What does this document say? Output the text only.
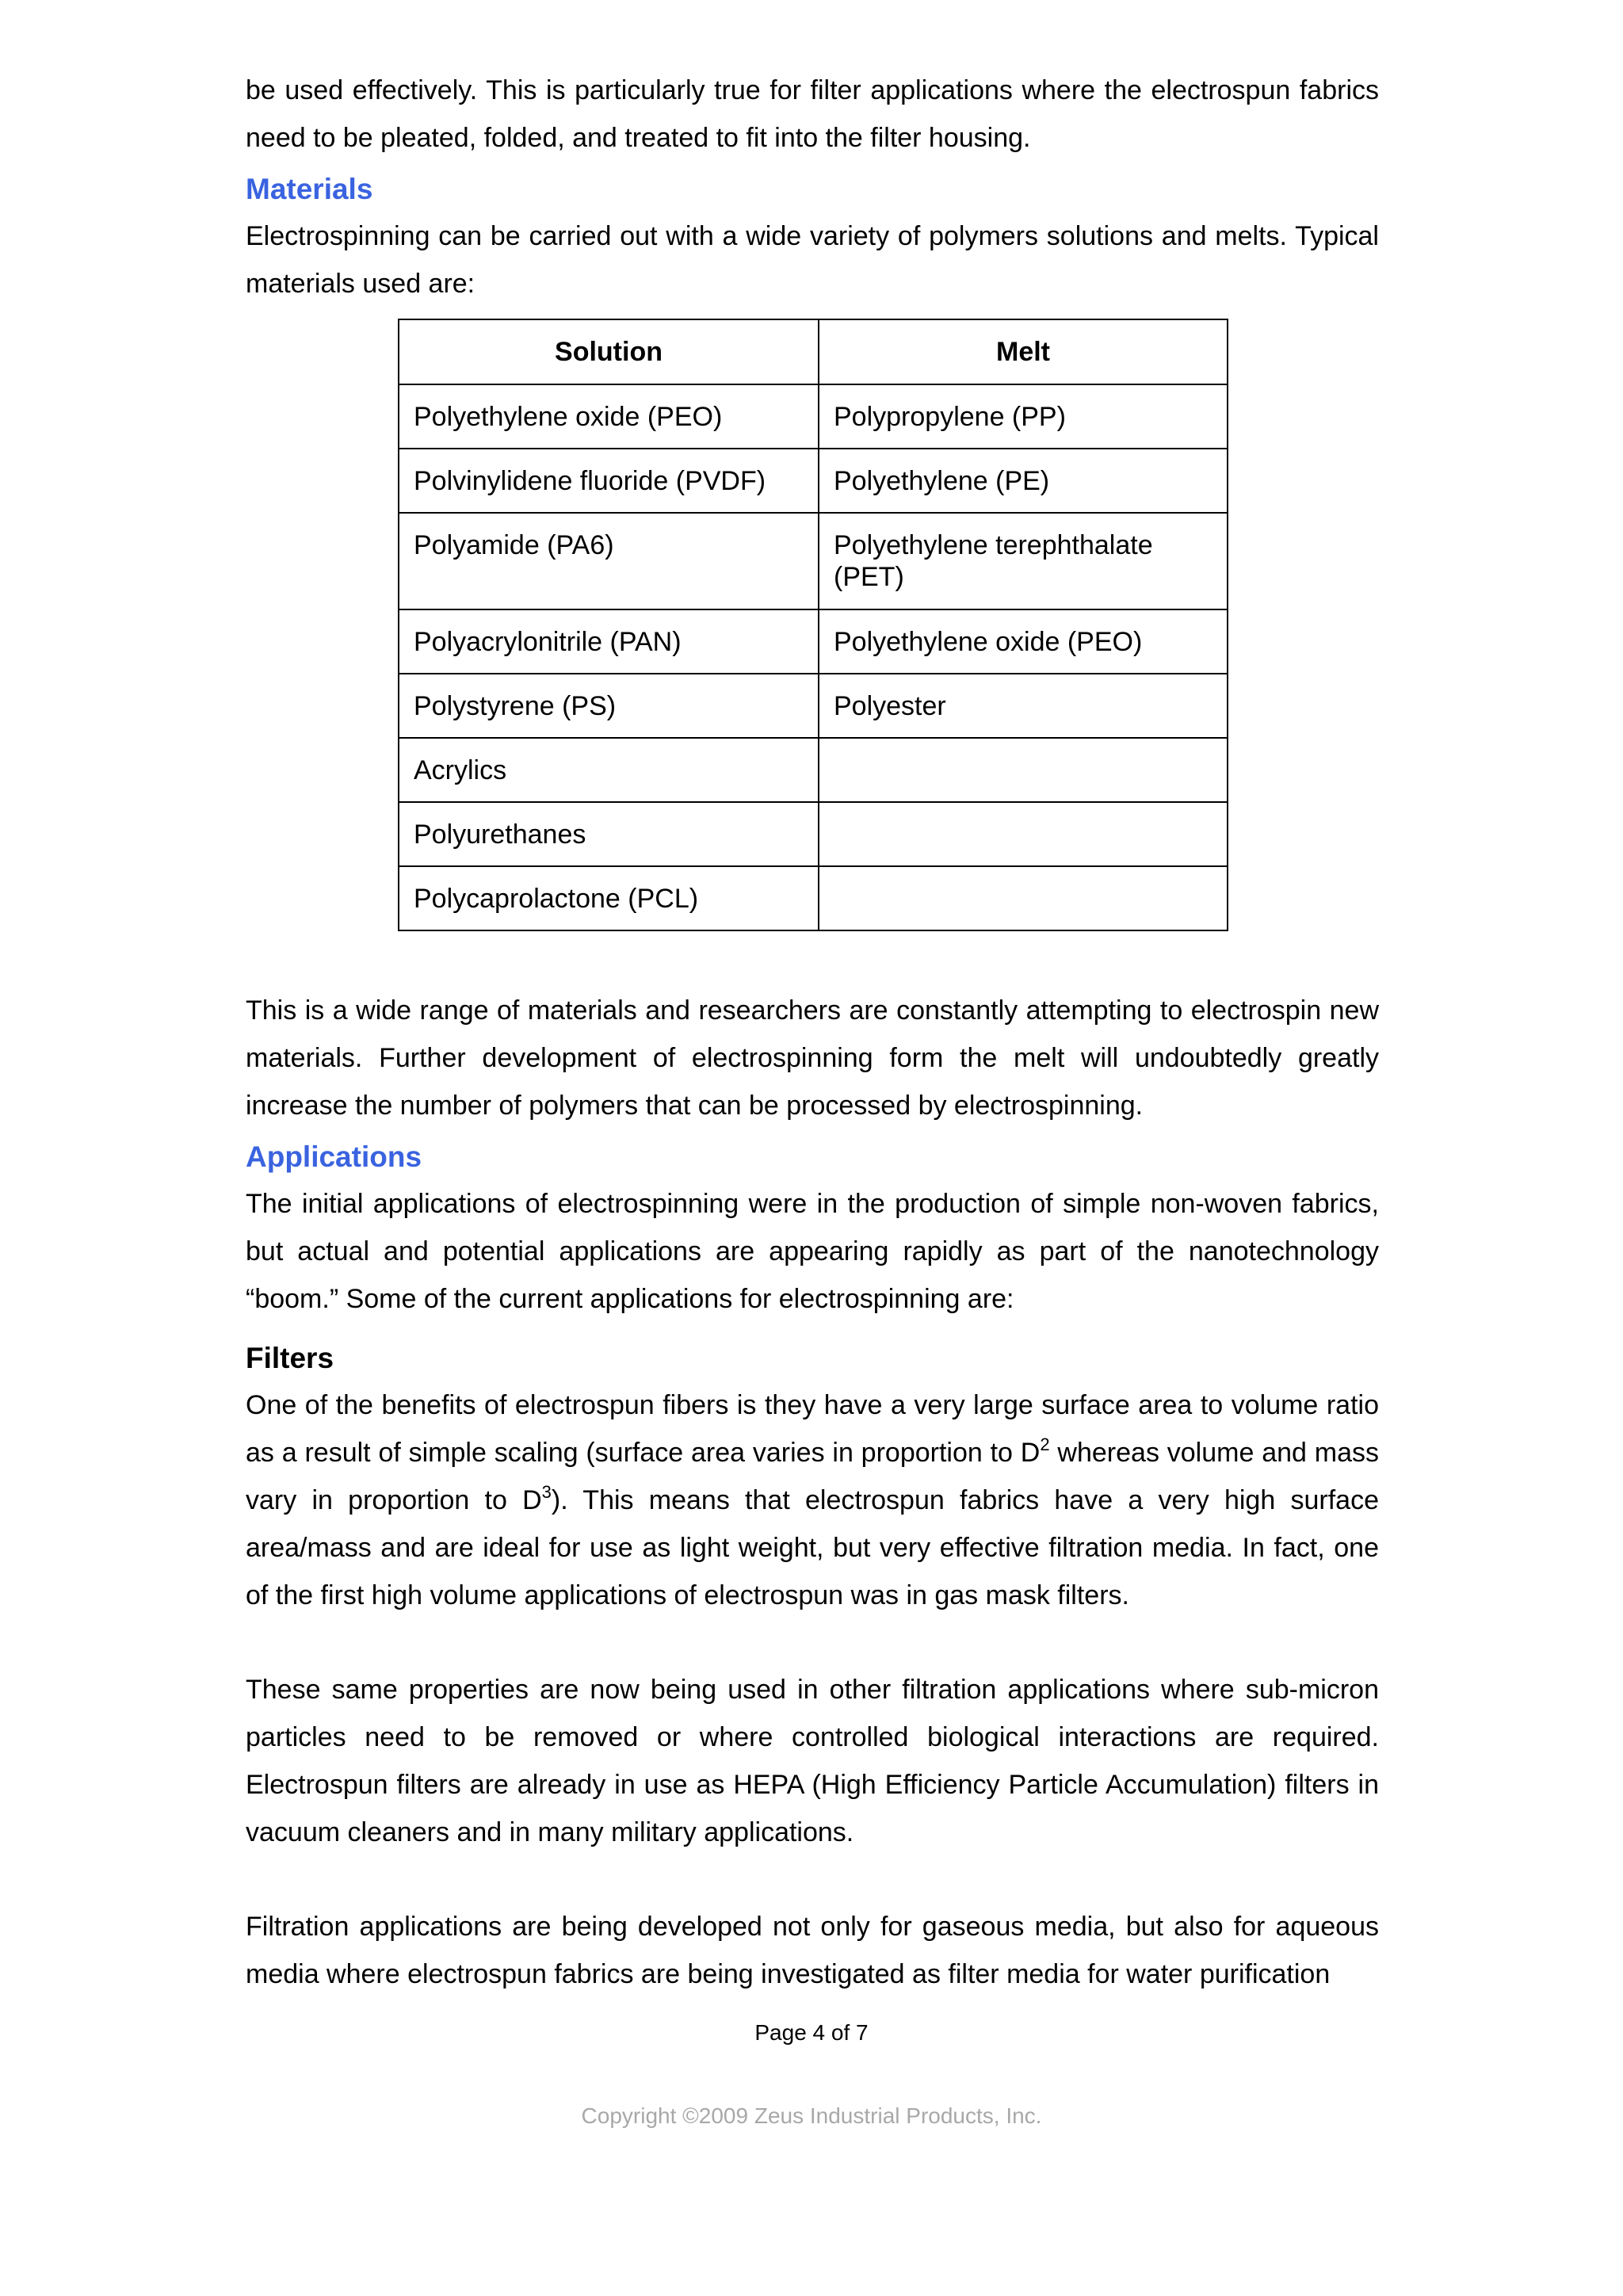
be used effectively. This is particularly true for filter applications where the electrospun fabrics need to be pleated, folded, and treated to fit into the filter housing.

Materials

Electrospinning can be carried out with a wide variety of polymers solutions and melts. Typical materials used are:

Solution	Melt
Polyethylene oxide (PEO)	Polypropylene (PP)
Polvinylidene fluoride (PVDF)	Polyethylene (PE)
Polyamide (PA6)	Polyethylene terephthalate (PET)
Polyacrylonitrile (PAN)	Polyethylene oxide (PEO)
Polystyrene (PS)	Polyester
Acrylics	
Polyurethanes	
Polycaprolactone (PCL)	

This is a wide range of materials and researchers are constantly attempting to electrospin new materials. Further development of electrospinning form the melt will undoubtedly greatly increase the number of polymers that can be processed by electrospinning.

Applications

The initial applications of electrospinning were in the production of simple non-woven fabrics, but actual and potential applications are appearing rapidly as part of the nanotechnology “boom.” Some of the current applications for electrospinning are:

Filters

One of the benefits of electrospun fibers is they have a very large surface area to volume ratio as a result of simple scaling (surface area varies in proportion to $D^2$ whereas volume and mass vary in proportion to $D^3$). This means that electrospun fabrics have a very high surface area/mass and are ideal for use as light weight, but very effective filtration media. In fact, one of the first high volume applications of electrospun was in gas mask filters.

These same properties are now being used in other filtration applications where sub-micron particles need to be removed or where controlled biological interactions are required. Electrospun filters are already in use as HEPA (High Efficiency Particle Accumulation) filters in vacuum cleaners and in many military applications.

Filtration applications are being developed not only for gaseous media, but also for aqueous media where electrospun fabrics are being investigated as filter media for water purification

Page 4 of 7
Copyright ©2009 Zeus Industrial Products, Inc.
